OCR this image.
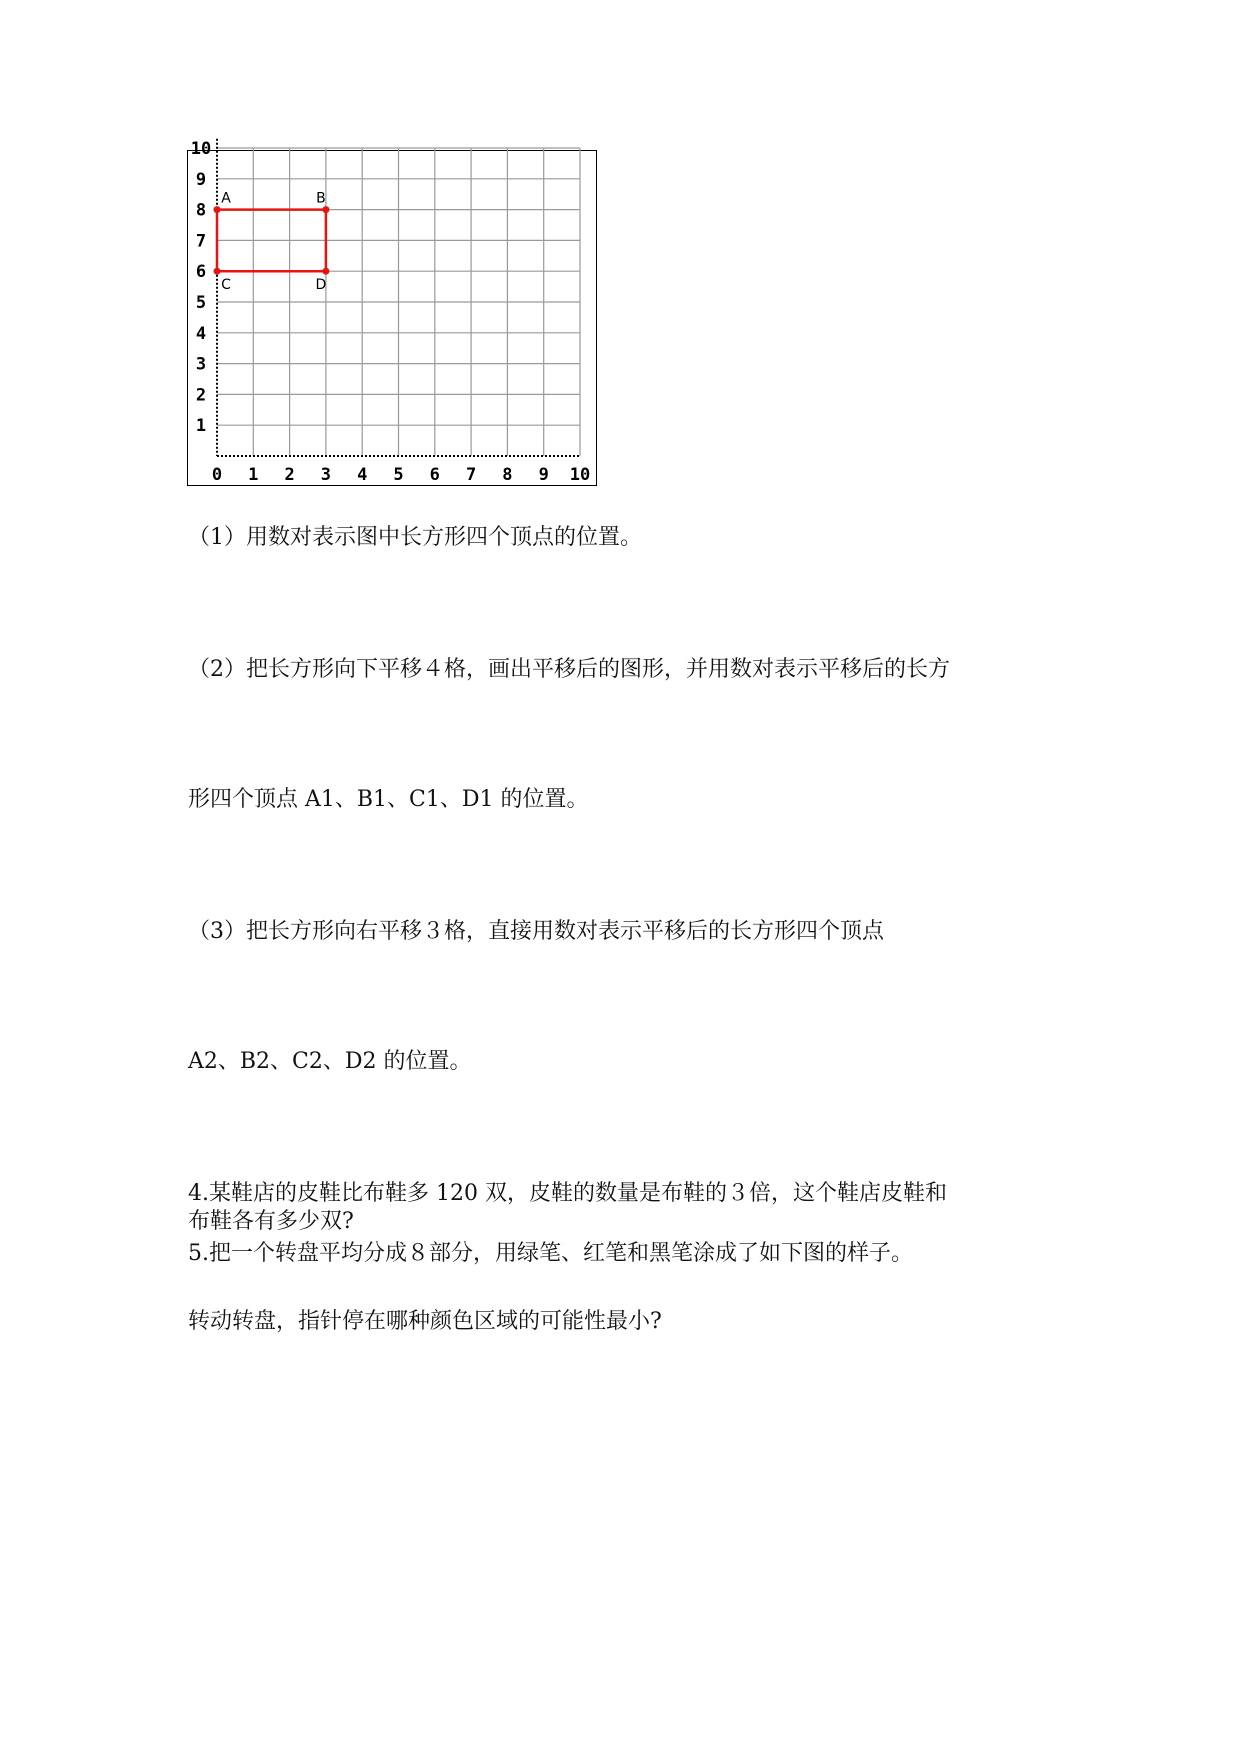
10
9
8
7
6
5
4
3
2
1
0 1 2 3 4 5 6 7 8 9 10
A	B
C	D
（1）用数对表示图中长方形四个顶点的位置。
（2）把长方形向下平移４格，画出平移后的图形，并用数对表示平移后的长方
形四个顶点 A1、B1、C1、D1 的位置。
（3）把长方形向右平移３格，直接用数对表示平移后的长方形四个顶点
A2、B2、C2、D2 的位置。
4.某鞋店的皮鞋比布鞋多 120 双，皮鞋的数量是布鞋的３倍，这个鞋店皮鞋和
布鞋各有多少双?
5.把一个转盘平均分成８部分，用绿笔、红笔和黑笔涂成了如下图的样子。
转动转盘，指针停在哪种颜色区域的可能性最小?
